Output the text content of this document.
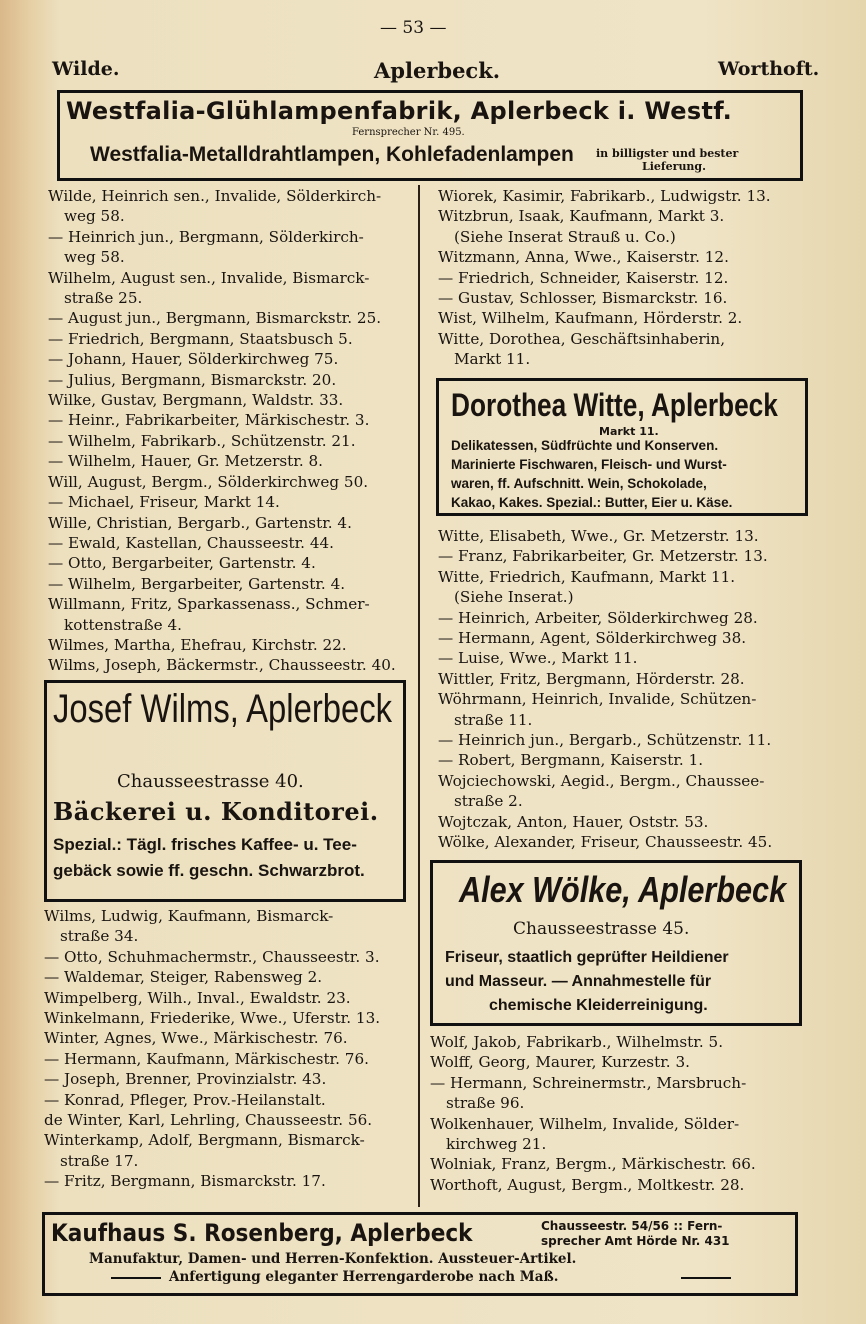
— 53 —
Wilde.	Aplerbeck.	Worthoft.
Westfalia-Glühlampenfabrik, Aplerbeck i. Westf.
Fernsprecher Nr. 495.
Westfalia-Metalldrahtlampen, Kohlefadenlampen in billigster und bester
Lieferung.
Wilde, Heinrich sen., Invalide, Sölderkirch-
weg 58.
— Heinrich jun., Bergmann, Sölderkirch-
weg 58.
Wilhelm, August sen., Invalide, Bismarck-
straße 25.
— August jun., Bergmann, Bismarckstr. 25.
— Friedrich, Bergmann, Staatsbusch 5.
— Johann, Hauer, Sölderkirchweg 75.
— Julius, Bergmann, Bismarckstr. 20.
Wilke, Gustav, Bergmann, Waldstr. 33.
— Heinr., Fabrikarbeiter, Märkischestr. 3.
— Wilhelm, Fabrikarb., Schützenstr. 21.
— Wilhelm, Hauer, Gr. Metzerstr. 8.
Will, August, Bergm., Sölderkirchweg 50.
— Michael, Friseur, Markt 14.
Wille, Christian, Bergarb., Gartenstr. 4.
— Ewald, Kastellan, Chausseestr. 44.
— Otto, Bergarbeiter, Gartenstr. 4.
— Wilhelm, Bergarbeiter, Gartenstr. 4.
Willmann, Fritz, Sparkassenass., Schmer-
kottenstraße 4.
Wilmes, Martha, Ehefrau, Kirchstr. 22.
Wilms, Joseph, Bäckermstr., Chausseestr. 40.
Josef Wilms, Aplerbeck
Chausseestrasse 40.
Bäckerei u. Konditorei.
Spezial.: Tägl. frisches Kaffee- u. Tee-
gebäck sowie ff. geschn. Schwarzbrot.
Wilms, Ludwig, Kaufmann, Bismarck-
straße 34.
— Otto, Schuhmachermstr., Chausseestr. 3.
— Waldemar, Steiger, Rabensweg 2.
Wimpelberg, Wilh., Inval., Ewaldstr. 23.
Winkelmann, Friederike, Wwe., Uferstr. 13.
Winter, Agnes, Wwe., Märkischestr. 76.
— Hermann, Kaufmann, Märkischestr. 76.
— Joseph, Brenner, Provinzialstr. 43.
— Konrad, Pfleger, Prov.-Heilanstalt.
de Winter, Karl, Lehrling, Chausseestr. 56.
Winterkamp, Adolf, Bergmann, Bismarck-
straße 17.
— Fritz, Bergmann, Bismarckstr. 17.
Wiorek, Kasimir, Fabrikarb., Ludwigstr. 13.
Witzbrun, Isaak, Kaufmann, Markt 3.
(Siehe Inserat Strauß u. Co.)
Witzmann, Anna, Wwe., Kaiserstr. 12.
— Friedrich, Schneider, Kaiserstr. 12.
— Gustav, Schlosser, Bismarckstr. 16.
Wist, Wilhelm, Kaufmann, Hörderstr. 2.
Witte, Dorothea, Geschäftsinhaberin,
Markt 11.
Dorothea Witte, Aplerbeck
Markt 11.
Delikatessen, Südfrüchte und Konserven.
Marinierte Fischwaren, Fleisch- und Wurst-
waren, ff. Aufschnitt. Wein, Schokolade,
Kakao, Kakes. Spezial.: Butter, Eier u. Käse.
Witte, Elisabeth, Wwe., Gr. Metzerstr. 13.
— Franz, Fabrikarbeiter, Gr. Metzerstr. 13.
Witte, Friedrich, Kaufmann, Markt 11.
(Siehe Inserat.)
— Heinrich, Arbeiter, Sölderkirchweg 28.
— Hermann, Agent, Sölderkirchweg 38.
— Luise, Wwe., Markt 11.
Wittler, Fritz, Bergmann, Hörderstr. 28.
Wöhrmann, Heinrich, Invalide, Schützen-
straße 11.
— Heinrich jun., Bergarb., Schützenstr. 11.
— Robert, Bergmann, Kaiserstr. 1.
Wojciechowski, Aegid., Bergm., Chaussee-
straße 2.
Wojtczak, Anton, Hauer, Oststr. 53.
Wölke, Alexander, Friseur, Chausseestr. 45.
Alex Wölke, Aplerbeck
Chausseestrasse 45.
Friseur, staatlich geprüfter Heildiener
und Masseur. — Annahmestelle für
chemische Kleiderreinigung.
Wolf, Jakob, Fabrikarb., Wilhelmstr. 5.
Wolff, Georg, Maurer, Kurzestr. 3.
— Hermann, Schreinermstr., Marsbruch-
straße 96.
Wolkenhauer, Wilhelm, Invalide, Sölder-
kirchweg 21.
Wolniak, Franz, Bergm., Märkischestr. 66.
Worthoft, August, Bergm., Moltkestr. 28.
Kaufhaus S. Rosenberg, Aplerbeck	Chausseestr. 54/56 :: Fern-
sprecher Amt Hörde Nr. 431
Manufaktur, Damen- und Herren-Konfektion. Aussteuer-Artikel.
Anfertigung eleganter Herrengarderobe nach Maß.
